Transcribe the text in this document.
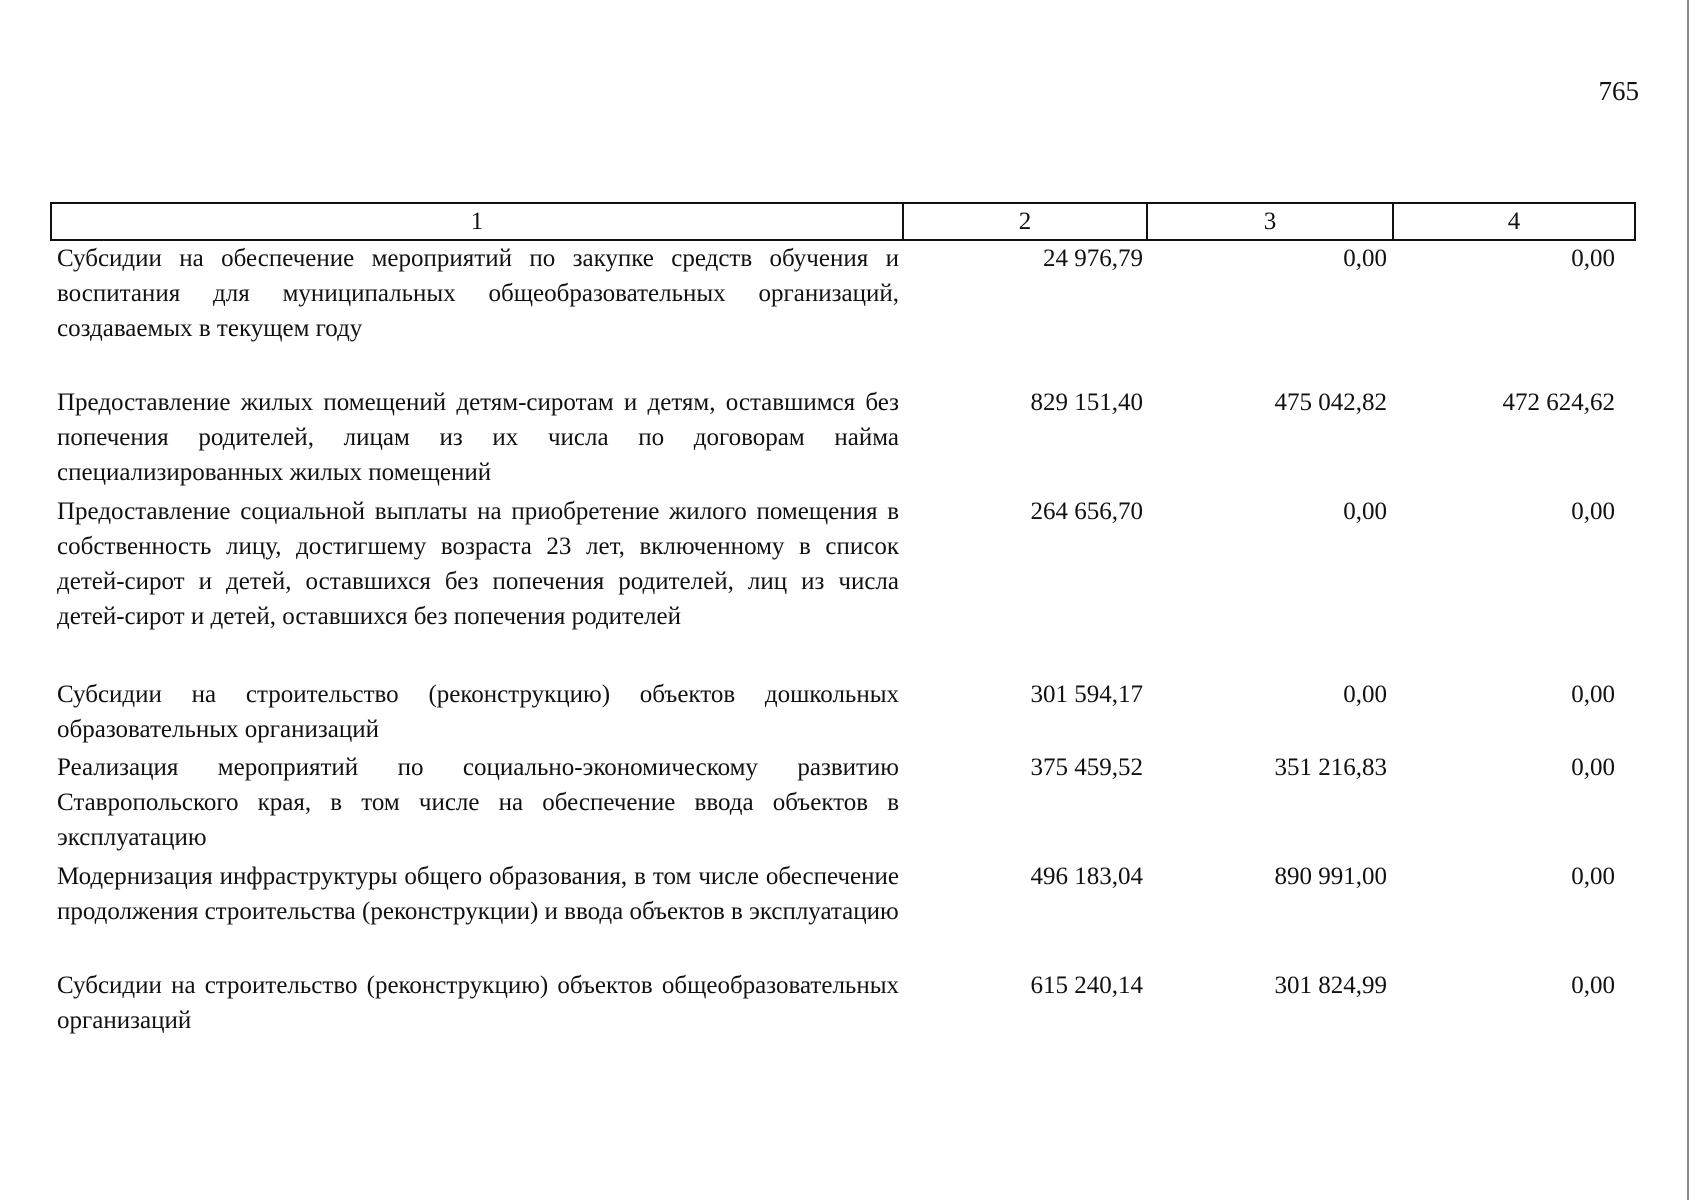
765
1	2	3	4
Субсидии на обеспечение мероприятий по закупке средств обучения и воспитания для муниципальных общеобразовательных организаций, создаваемых в текущем году	24 976,79	0,00	0,00
Предоставление жилых помещений детям-сиротам и детям, оставшимся без попечения родителей, лицам из их числа по договорам найма специализированных жилых помещений	829 151,40	475 042,82	472 624,62
Предоставление социальной выплаты на приобретение жилого помещения в собственность лицу, достигшему возраста 23 лет, включенному в список детей-сирот и детей, оставшихся без попечения родителей, лиц из числа детей-сирот и детей, оставшихся без попечения родителей	264 656,70	0,00	0,00
Субсидии на строительство (реконструкцию) объектов дошкольных образовательных организаций	301 594,17	0,00	0,00
Реализация мероприятий по социально-экономическому развитию Ставропольского края, в том числе на обеспечение ввода объектов в эксплуатацию	375 459,52	351 216,83	0,00
Модернизация инфраструктуры общего образования, в том числе обеспечение продолжения строительства (реконструкции) и ввода объектов в эксплуатацию	496 183,04	890 991,00	0,00
Субсидии на строительство (реконструкцию) объектов общеобразовательных организаций	615 240,14	301 824,99	0,00
